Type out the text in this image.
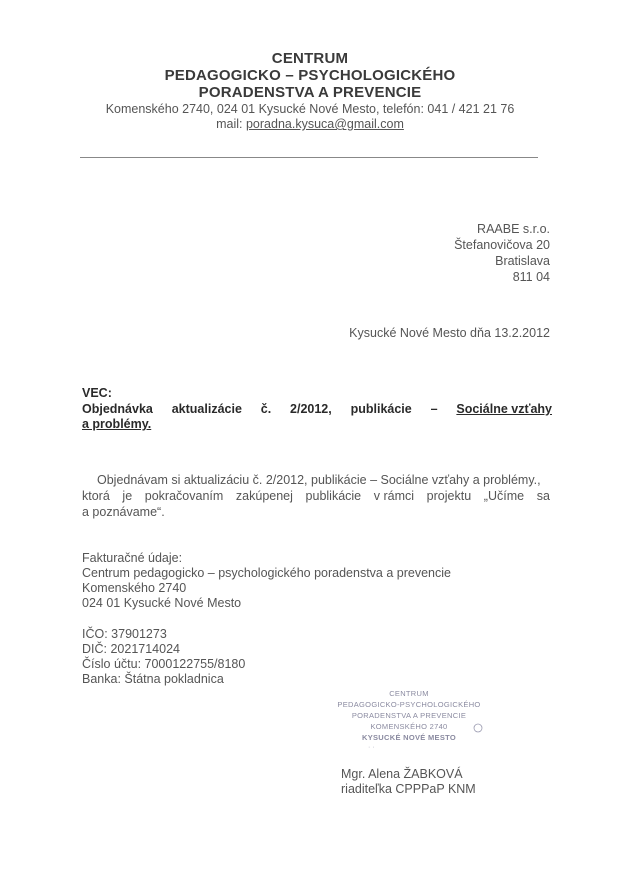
CENTRUM
PEDAGOGICKO – PSYCHOLOGICKÉHO
PORADENSTVA A PREVENCIE
Komenského 2740, 024 01 Kysucké Nové Mesto, telefón: 041 / 421 21 76
mail: poradna.kysuca@gmail.com
RAABE s.r.o.
Štefanovičova 20
Bratislava
811 04
Kysucké Nové Mesto dňa 13.2.2012
VEC:
Objednávka aktualizácie č. 2/2012, publikácie – Sociálne vzťahy
a problémy.
Objednávam si aktualizáciu č. 2/2012, publikácie – Sociálne vzťahy a problémy.,
ktorá je pokračovaním zakúpenej publikácie v rámci projektu „Učíme sa
a poznávame“.
Fakturačné údaje:
Centrum pedagogicko – psychologického poradenstva a prevencie
Komenského 2740
024 01 Kysucké Nové Mesto
IČO: 37901273
DIČ: 2021714024
Číslo účtu: 7000122755/8180
Banka: Štátna pokladnica
CENTRUM
PEDAGOGICKO-PSYCHOLOGICKÉHO
PORADENSTVA A PREVENCIE
KOMENSKÉHO 2740
KYSUCKÉ NOVÉ MESTO
· ·
Mgr. Alena ŽABKOVÁ
riaditeľka CPPPaP KNM
